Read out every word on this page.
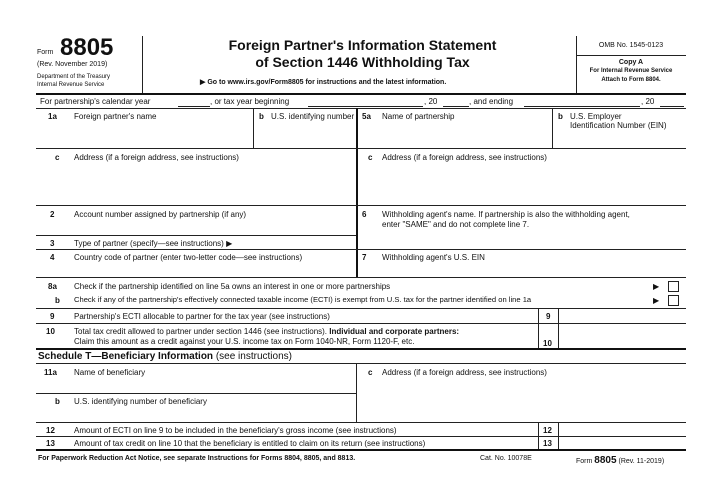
Form 8805
(Rev. November 2019)
Department of the Treasury
Internal Revenue Service
Foreign Partner's Information Statement
of Section 1446 Withholding Tax
▶ Go to www.irs.gov/Form8805 for instructions and the latest information.
OMB No. 1545-0123
Copy A
For Internal Revenue Service
Attach to Form 8804.
For partnership's calendar year	, or tax year beginning	, 20	, and ending	, 20
1a Foreign partner's name	b U.S. identifying number 5a Name of partnership	b U.S. Employer
Identification Number (EIN)
c Address (if a foreign address, see instructions)	c Address (if a foreign address, see instructions)
2 Account number assigned by partnership (if any)	6 Withholding agent's name. If partnership is also the withholding agent,
enter "SAME" and do not complete line 7.
3 Type of partner (specify—see instructions) ▶
4 Country code of partner (enter two-letter code—see instructions)	7 Withholding agent's U.S. EIN
8a Check if the partnership identified on line 5a owns an interest in one or more partnerships	▶
b Check if any of the partnership's effectively connected taxable income (ECTI) is exempt from U.S. tax for the partner identified on line 1a	▶
9 Partnership's ECTI allocable to partner for the tax year (see instructions)	9
10 Total tax credit allowed to partner under section 1446 (see instructions). Individual and corporate partners:
Claim this amount as a credit against your U.S. income tax on Form 1040-NR, Form 1120-F, etc.	10
Schedule T—Beneficiary Information (see instructions)
11a Name of beneficiary	c Address (if a foreign address, see instructions)
b U.S. identifying number of beneficiary
12 Amount of ECTI on line 9 to be included in the beneficiary's gross income (see instructions)	12
13 Amount of tax credit on line 10 that the beneficiary is entitled to claim on its return (see instructions)	13
For Paperwork Reduction Act Notice, see separate Instructions for Forms 8804, 8805, and 8813.	Cat. No. 10078E	Form 8805 (Rev. 11-2019)
